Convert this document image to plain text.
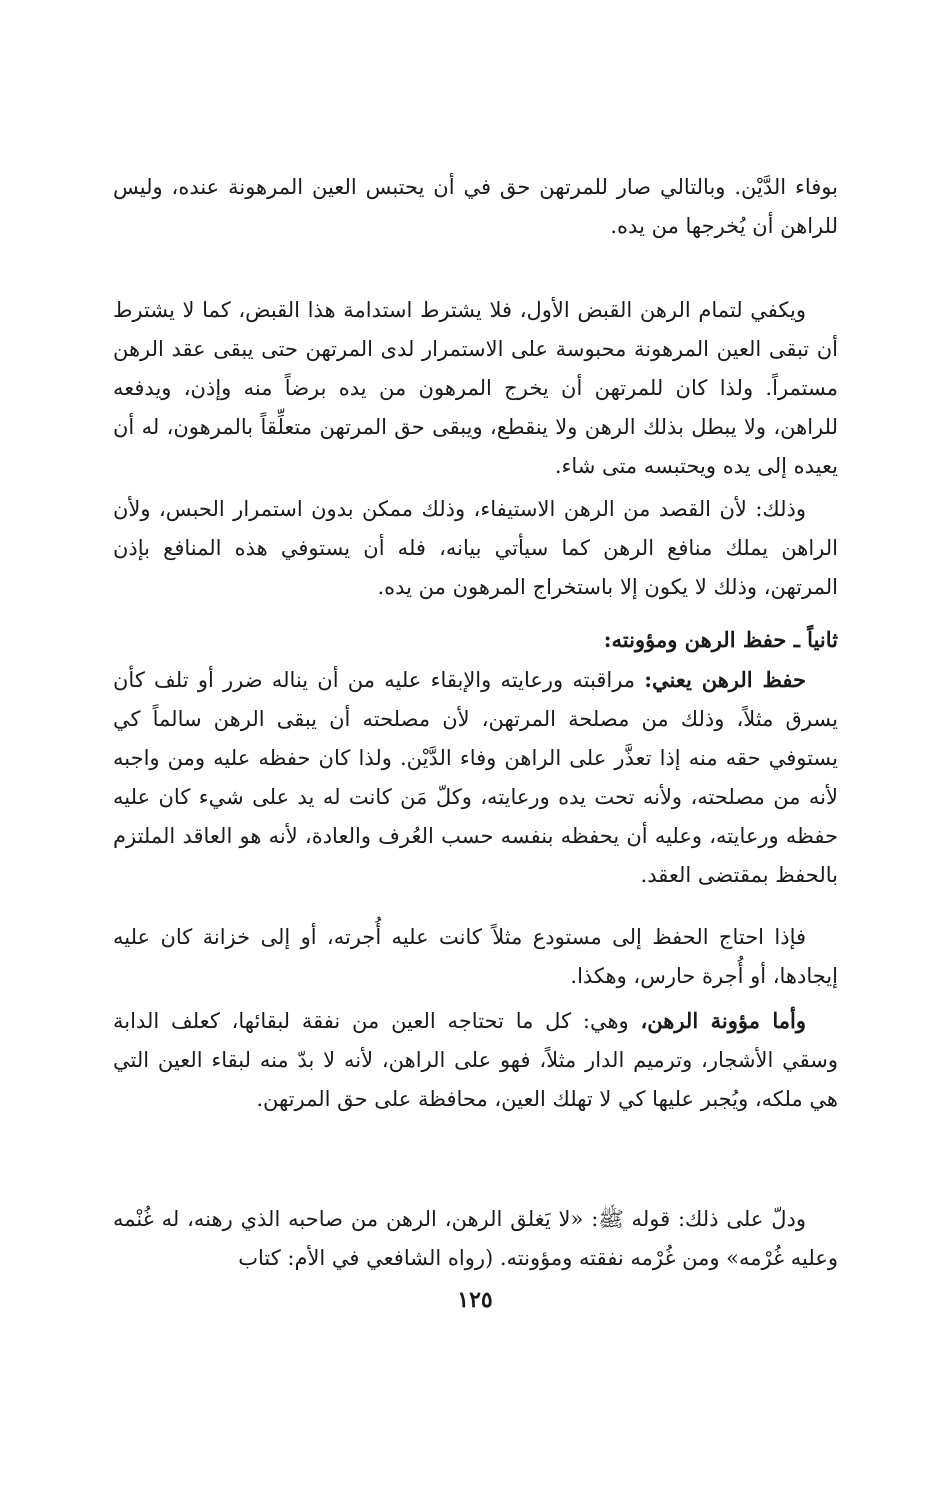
بوفاء الدَّيْن. وبالتالي صار للمرتهن حق في أن يحتبس العين المرهونة عنده، وليس للراهن أن يُخرجها من يده.

ويكفي لتمام الرهن القبض الأول، فلا يشترط استدامة هذا القبض، كما لا يشترط أن تبقى العين المرهونة محبوسة على الاستمرار لدى المرتهن حتى يبقى عقد الرهن مستمراً. ولذا كان للمرتهن أن يخرج المرهون من يده برضاً منه وإذن، ويدفعه للراهن، ولا يبطل بذلك الرهن ولا ينقطع، ويبقى حق المرتهن متعلِّقاً بالمرهون، له أن يعيده إلى يده ويحتبسه متى شاء.

وذلك: لأن القصد من الرهن الاستيفاء، وذلك ممكن بدون استمرار الحبس، ولأن الراهن يملك منافع الرهن كما سيأتي بيانه، فله أن يستوفي هذه المنافع بإذن المرتهن، وذلك لا يكون إلا باستخراج المرهون من يده.

ثانياً ـ حفظ الرهن ومؤونته:

حفظ الرهن يعني: مراقبته ورعايته والإبقاء عليه من أن يناله ضرر أو تلف كأن يسرق مثلاً، وذلك من مصلحة المرتهن، لأن مصلحته أن يبقى الرهن سالماً كي يستوفي حقه منه إذا تعذَّر على الراهن وفاء الدَّيْن. ولذا كان حفظه عليه ومن واجبه لأنه من مصلحته، ولأنه تحت يده ورعايته، وكلّ مَن كانت له يد على شيء كان عليه حفظه ورعايته، وعليه أن يحفظه بنفسه حسب العُرف والعادة، لأنه هو العاقد الملتزم بالحفظ بمقتضى العقد.

فإذا احتاج الحفظ إلى مستودع مثلاً كانت عليه أُجرته، أو إلى خزانة كان عليه إيجادها، أو أُجرة حارس، وهكذا.

وأما مؤونة الرهن، وهي: كل ما تحتاجه العين من نفقة لبقائها، كعلف الدابة وسقي الأشجار، وترميم الدار مثلاً، فهو على الراهن، لأنه لا بدّ منه لبقاء العين التي هي ملكه، ويُجبر عليها كي لا تهلك العين، محافظة على حق المرتهن.

ودلّ على ذلك: قوله ﷺ: «لا يَغلق الرهن، الرهن من صاحبه الذي رهنه، له غُنْمه وعليه غُرْمه» ومن غُرْمه نفقته ومؤونته. (رواه الشافعي في الأم: كتاب

١٢٥
